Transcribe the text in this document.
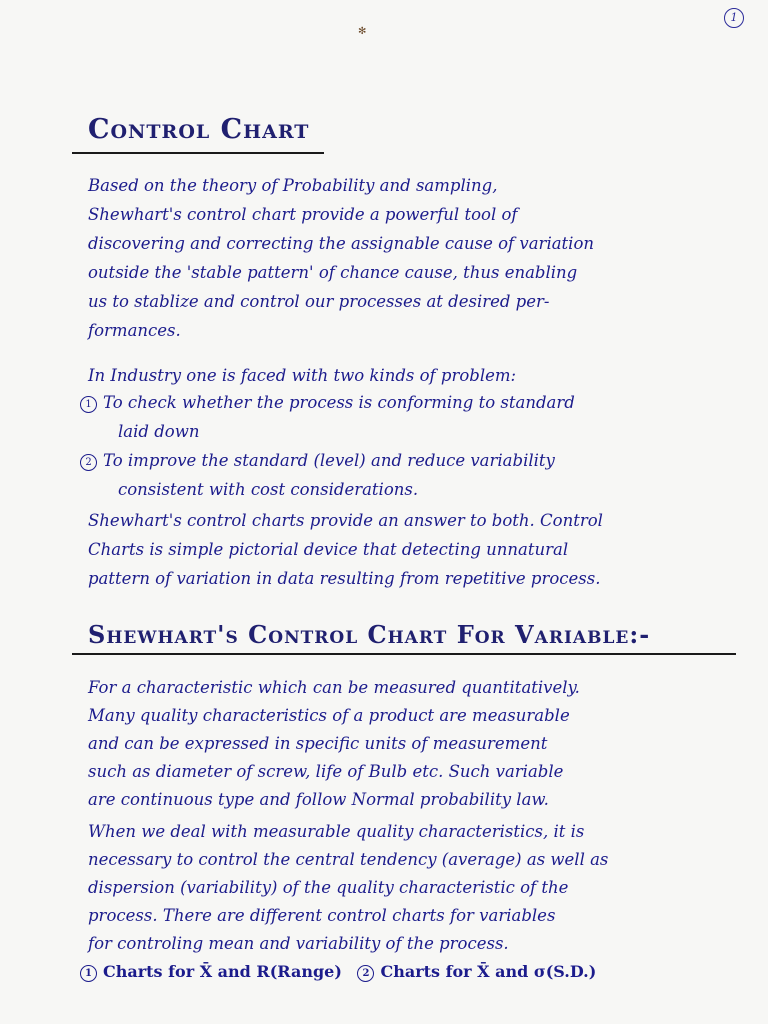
1
✻
Control Chart
Based on the theory of Probability and sampling,
Shewhart's control chart provide a powerful tool of
discovering and correcting the assignable cause of variation
outside the 'stable pattern' of chance cause, thus enabling
us to stablize and control our processes at desired per-
formances.
In Industry one is faced with two kinds of problem:
1 To check whether the process is conforming to standard
laid down
2 To improve the standard (level) and reduce variability
consistent with cost considerations.
Shewhart's control charts provide an answer to both. Control
Charts is simple pictorial device that detecting unnatural
pattern of variation in data resulting from repetitive process.
Shewhart's Control Chart For Variable:-
For a characteristic which can be measured quantitatively.
Many quality characteristics of a product are measurable
and can be expressed in specific units of measurement
such as diameter of screw, life of Bulb etc. Such variable
are continuous type and follow Normal probability law.
When we deal with measurable quality characteristics, it is
necessary to control the central tendency (average) as well as
dispersion (variability) of the quality characteristic of the
process. There are different control charts for variables
for controling mean and variability of the process.
1 Charts for X̄ and R(Range) 2 Charts for X̄ and σ(S.D.)
